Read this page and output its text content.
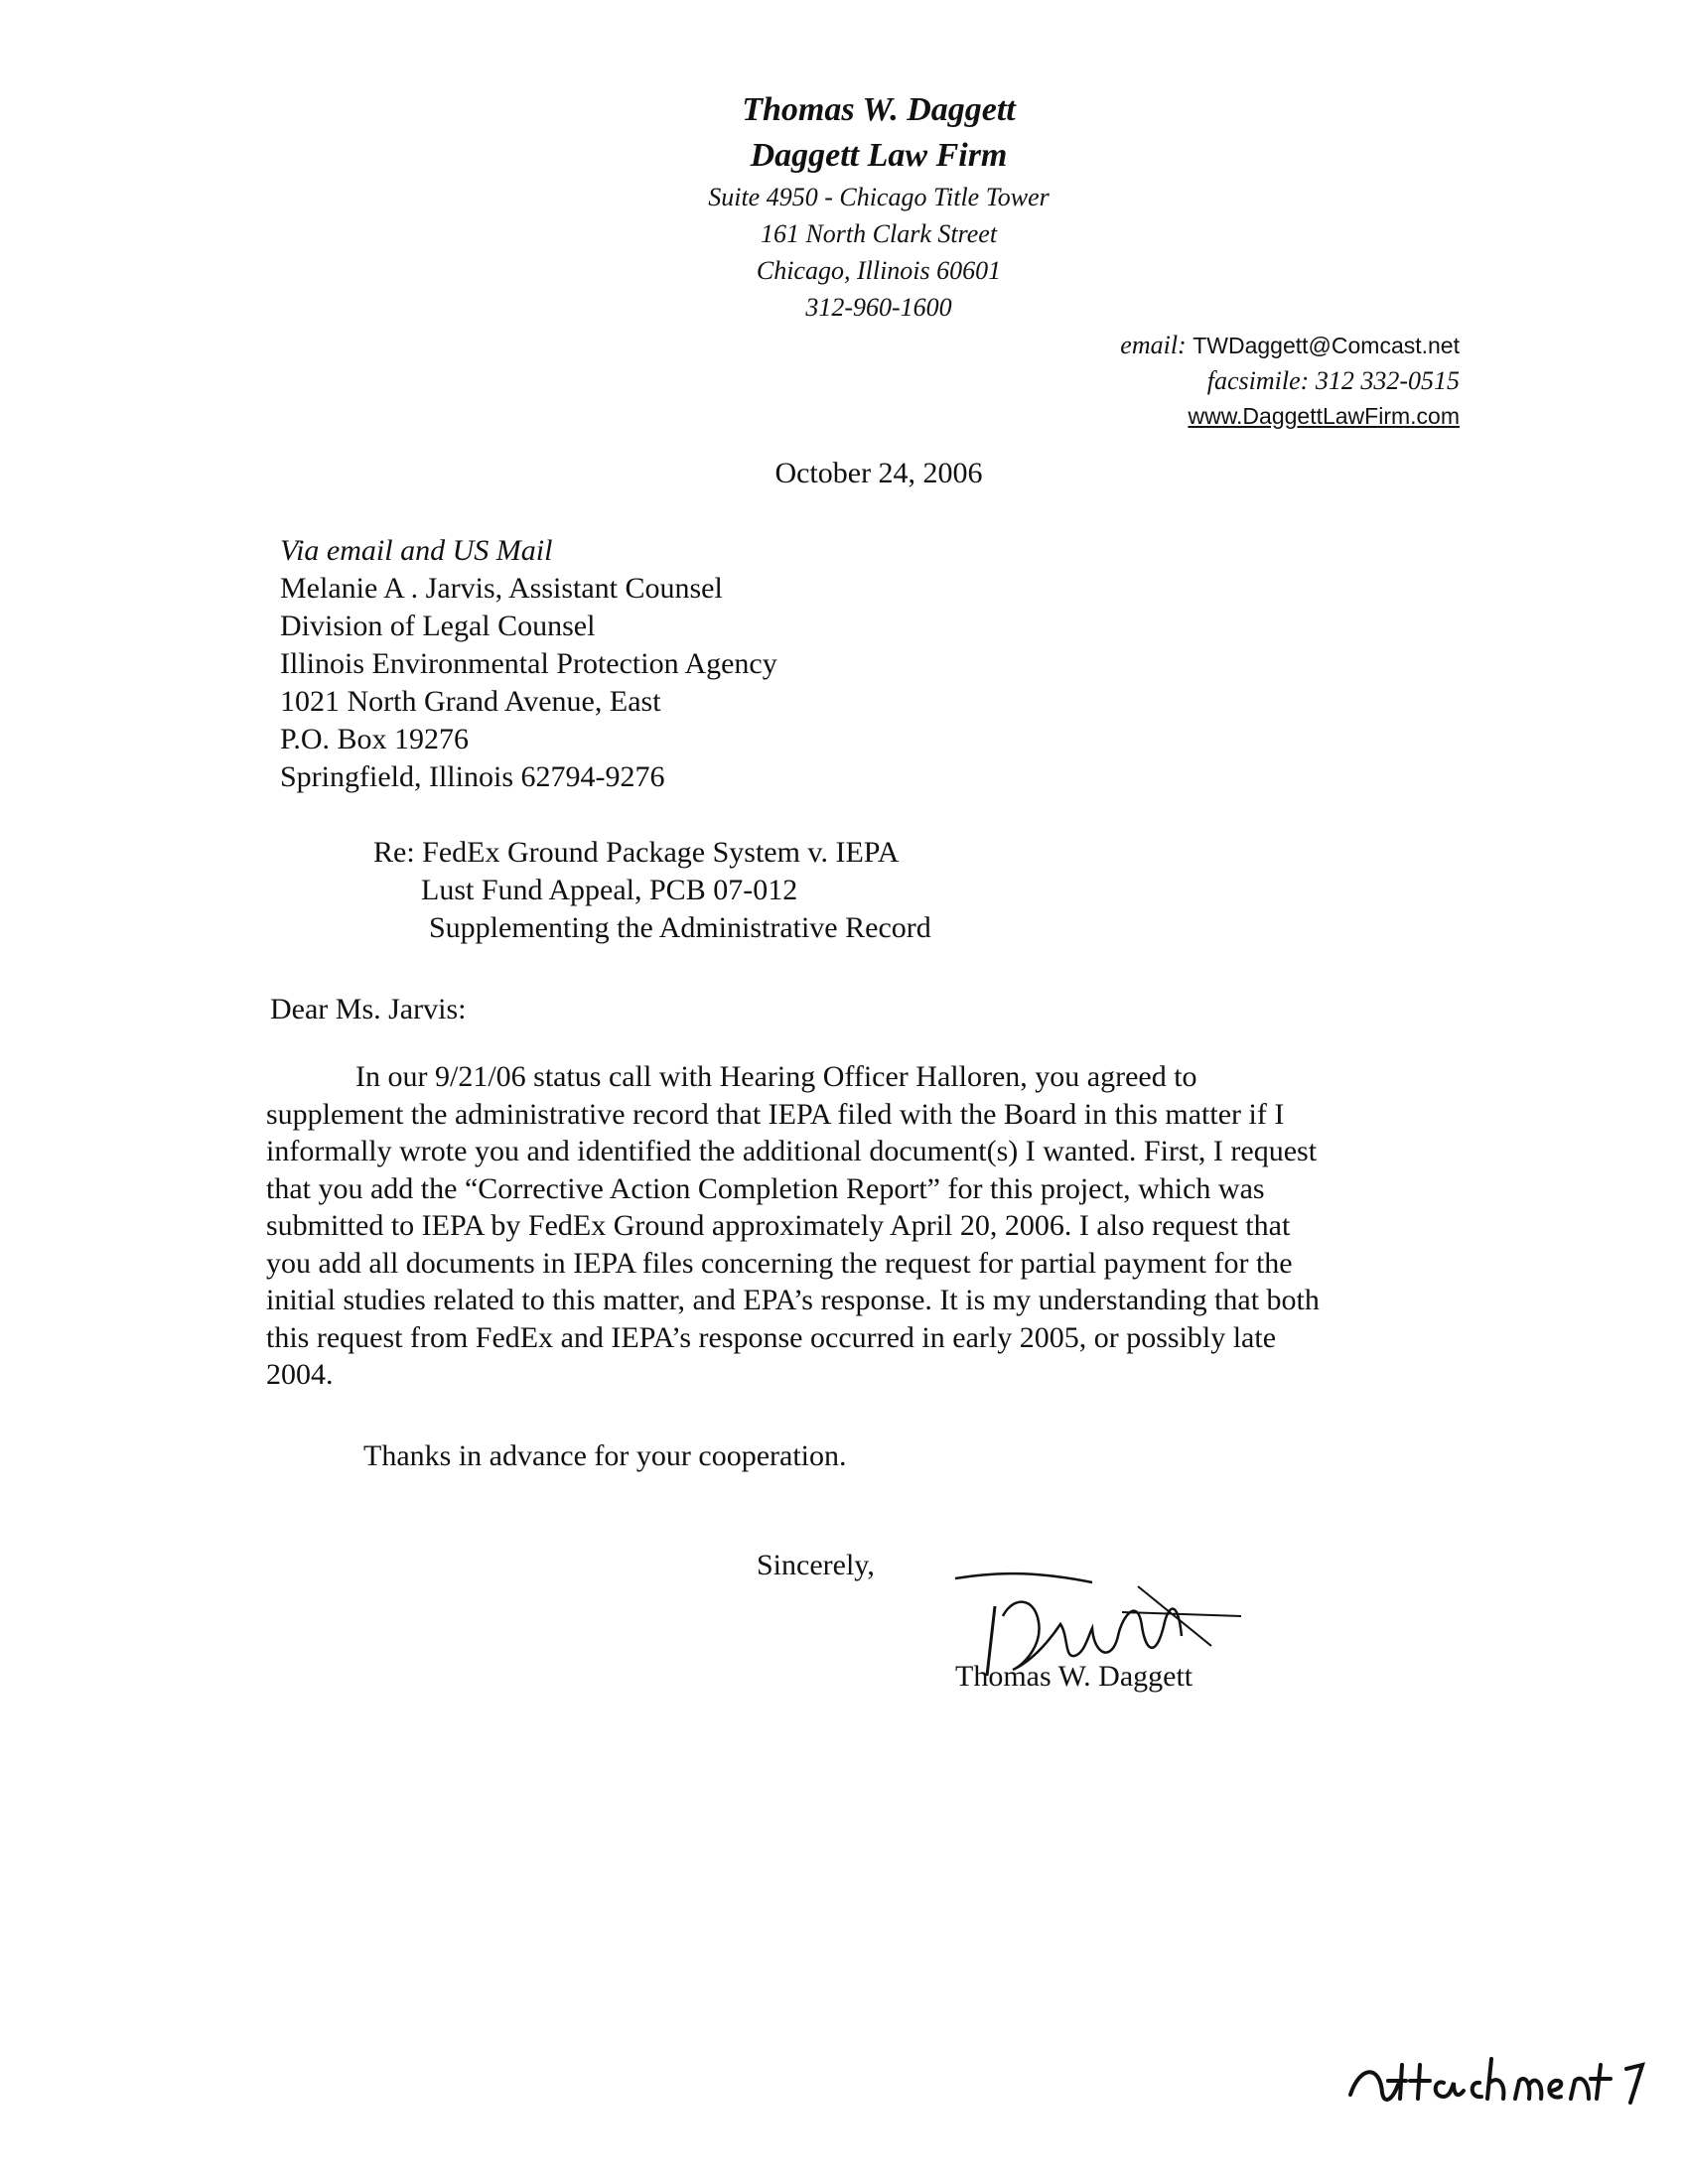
Thomas W. Daggett
Daggett Law Firm
Suite 4950 - Chicago Title Tower
161 North Clark Street
Chicago, Illinois 60601
312-960-1600
email: TWDaggett@Comcast.net
facsimile: 312 332-0515
www.DaggettLawFirm.com
October 24, 2006
Via email and US Mail
Melanie A . Jarvis, Assistant Counsel
Division of Legal Counsel
Illinois Environmental Protection Agency
1021 North Grand Avenue, East
P.O. Box 19276
Springfield, Illinois 62794-9276
Re: FedEx Ground Package System v. IEPA
Lust Fund Appeal, PCB 07-012
Supplementing the Administrative Record
Dear Ms. Jarvis:
In our 9/21/06 status call with Hearing Officer Halloren, you agreed to
supplement the administrative record that IEPA filed with the Board in this matter if I
informally wrote you and identified the additional document(s) I wanted. First, I request
that you add the “Corrective Action Completion Report” for this project, which was
submitted to IEPA by FedEx Ground approximately April 20, 2006. I also request that
you add all documents in IEPA files concerning the request for partial payment for the
initial studies related to this matter, and EPA’s response. It is my understanding that both
this request from FedEx and IEPA’s response occurred in early 2005, or possibly late
2004.
Thanks in advance for your cooperation.
Sincerely,
Thomas W. Daggett
